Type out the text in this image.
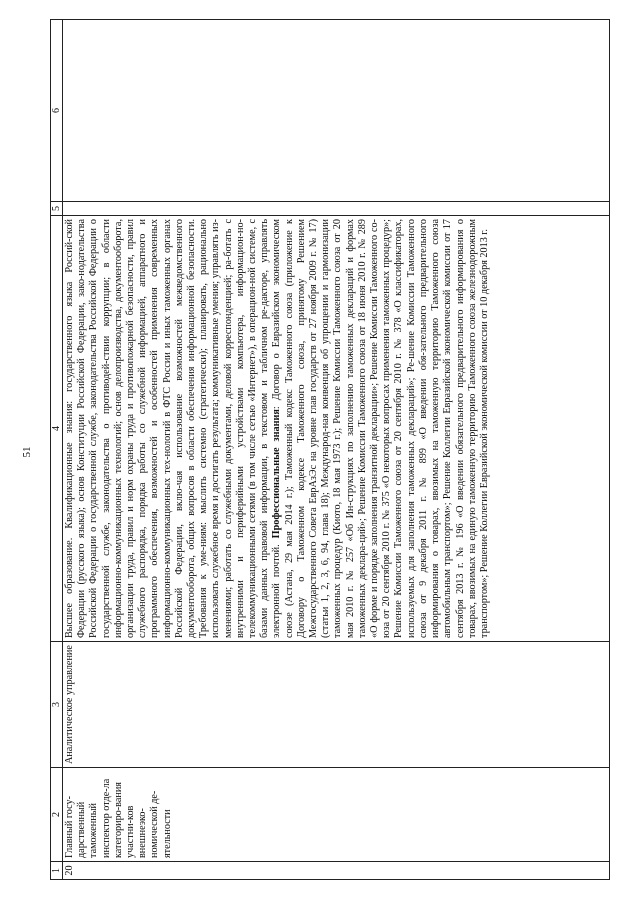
51
1	2	3	4	5	6
20	Главный госу-дарственный таможенный инспектор отде-ла категориро-вания участни-ков внешнеэко-номической де-ятельности	Аналитическое управление	Высшее образование. Квалификационные знания: государственного языка Россий-ской Федерации (русского языка); основ Конституции Российской Федерации, зако-нодательства Российской Федерации о государственной службе, законодательства Российской Федерации о государственной службе, законодательства о противодей-ствии коррупции; в области информационно-коммуникационных технологий; основ делопроизводства, документооборота, организации труда, правил и норм охраны труда и противопожарной безопасности, правил служебного распорядка, порядка работы со служебной информацией, аппаратного и программного обеспечения, возможностей и особенностей применения современных информационно-коммуникационных тех-нологий в ФТС России и иных таможенных органах Российской Федерации, вклю-чая использование возможностей межведомственного документооборота, общих вопросов в области обеспечения информационной безопасности. Требования к уме-ниям: мыслить системно (стратегически); планировать, рационально использовать служебное время и достигать результата; коммуникативные умения; управлять из-менениями; работать со служебными документами, деловой корреспонденцией; ра-ботать с внутренними и периферийными устройствами компьютера, информацион-но-телекоммуникационными сетями (в том числе сетью «Интернет»), в операцион-ной системе, с базами данных правовой информации, в текстовом и табличном ре-дакторе, управлять электронной почтой. Профессиональные знания: Договор о Евразийском экономическом союзе (Астана, 29 мая 2014 г.); Таможенный кодекс Таможенного союза (приложение к Договору о Таможенном кодексе Таможенного союза, принятому Решением Межгосударственного Совета ЕврАзЭс на уровне глав государств от 27 ноября 2009 г. № 17) (статьи 1, 2, 3, 6, 94, глава 18); Международ-ная конвенция об упрощении и гармонизации таможенных процедур (Киото, 18 мая 1973 г.); Решение Комиссии Таможенного союза от 20 мая 2010 г. № 257 «Об Ин-струкциях по заполнению таможенных деклараций и формах таможенных деклара-ций»; Решение Комиссии Таможенного союза от 18 июня 2010 г. № 289 «О форме и порядке заполнения транзитной декларации»; Решение Комиссии Таможенного со-юза от 20 сентября 2010 г. № 375 «О некоторых вопросах применения таможенных процедур»; Решение Комиссии Таможенного союза от 20 сентября 2010 г. № 378 «О классификаторах, используемых для заполнения таможенных деклараций»; Ре-шение Комиссии Таможенного союза от 9 декабря 2011 г. № 899 «О введении обя-зательного предварительного информирования о товарах, ввозимых на таможенную территорию Таможенного союза автомобильным транспортом»; Решение Коллегии Евразийской экономической комиссии от 17 сентября 2013 г. № 196 «О введении обязательного предварительного информирования о товарах, ввозимых на единую таможенную территорию Таможенного союза железнодорожным транспортом»; Решение Коллегии Евразийской экономической комиссии от 10 декабря 2013 г.		
